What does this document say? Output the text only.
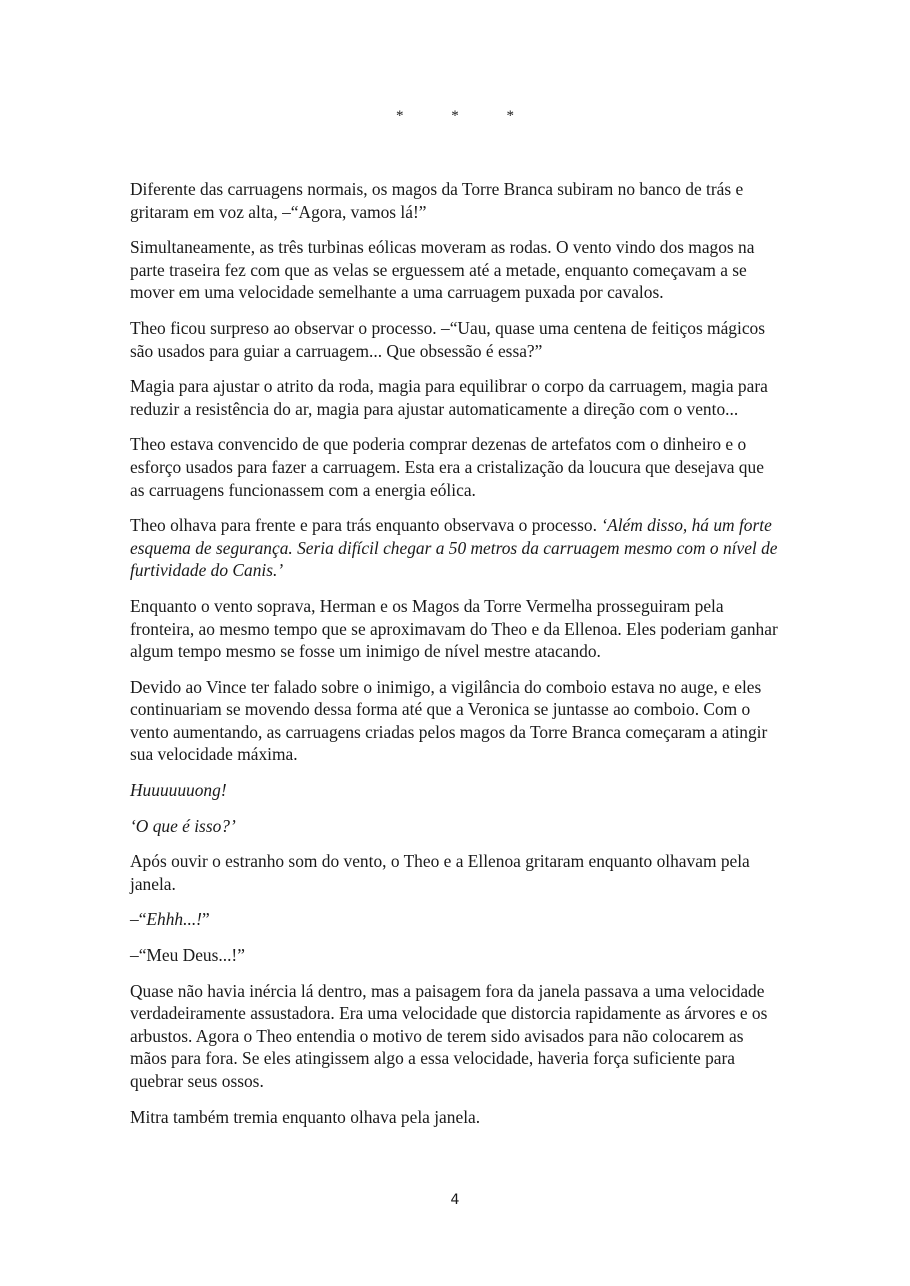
* * *

Diferente das carruagens normais, os magos da Torre Branca subiram no banco de trás e gritaram em voz alta, –“Agora, vamos lá!”

Simultaneamente, as três turbinas eólicas moveram as rodas. O vento vindo dos magos na parte traseira fez com que as velas se erguessem até a metade, enquanto começavam a se mover em uma velocidade semelhante a uma carruagem puxada por cavalos.

Theo ficou surpreso ao observar o processo. –“Uau, quase uma centena de feitiços mágicos são usados para guiar a carruagem... Que obsessão é essa?”

Magia para ajustar o atrito da roda, magia para equilibrar o corpo da carruagem, magia para reduzir a resistência do ar, magia para ajustar automaticamente a direção com o vento...

Theo estava convencido de que poderia comprar dezenas de artefatos com o dinheiro e o esforço usados para fazer a carruagem. Esta era a cristalização da loucura que desejava que as carruagens funcionassem com a energia eólica.

Theo olhava para frente e para trás enquanto observava o processo. ‘Além disso, há um forte esquema de segurança. Seria difícil chegar a 50 metros da carruagem mesmo com o nível de furtividade do Canis.’

Enquanto o vento soprava, Herman e os Magos da Torre Vermelha prosseguiram pela fronteira, ao mesmo tempo que se aproximavam do Theo e da Ellenoa. Eles poderiam ganhar algum tempo mesmo se fosse um inimigo de nível mestre atacando.

Devido ao Vince ter falado sobre o inimigo, a vigilância do comboio estava no auge, e eles continuariam se movendo dessa forma até que a Veronica se juntasse ao comboio. Com o vento aumentando, as carruagens criadas pelos magos da Torre Branca começaram a atingir sua velocidade máxima.

Huuuuuuong!

‘O que é isso?’

Após ouvir o estranho som do vento, o Theo e a Ellenoa gritaram enquanto olhavam pela janela.

–“Ehhh...!”

–“Meu Deus...!”

Quase não havia inércia lá dentro, mas a paisagem fora da janela passava a uma velocidade verdadeiramente assustadora. Era uma velocidade que distorcia rapidamente as árvores e os arbustos. Agora o Theo entendia o motivo de terem sido avisados para não colocarem as mãos para fora. Se eles atingissem algo a essa velocidade, haveria força suficiente para quebrar seus ossos.

Mitra também tremia enquanto olhava pela janela.

4
